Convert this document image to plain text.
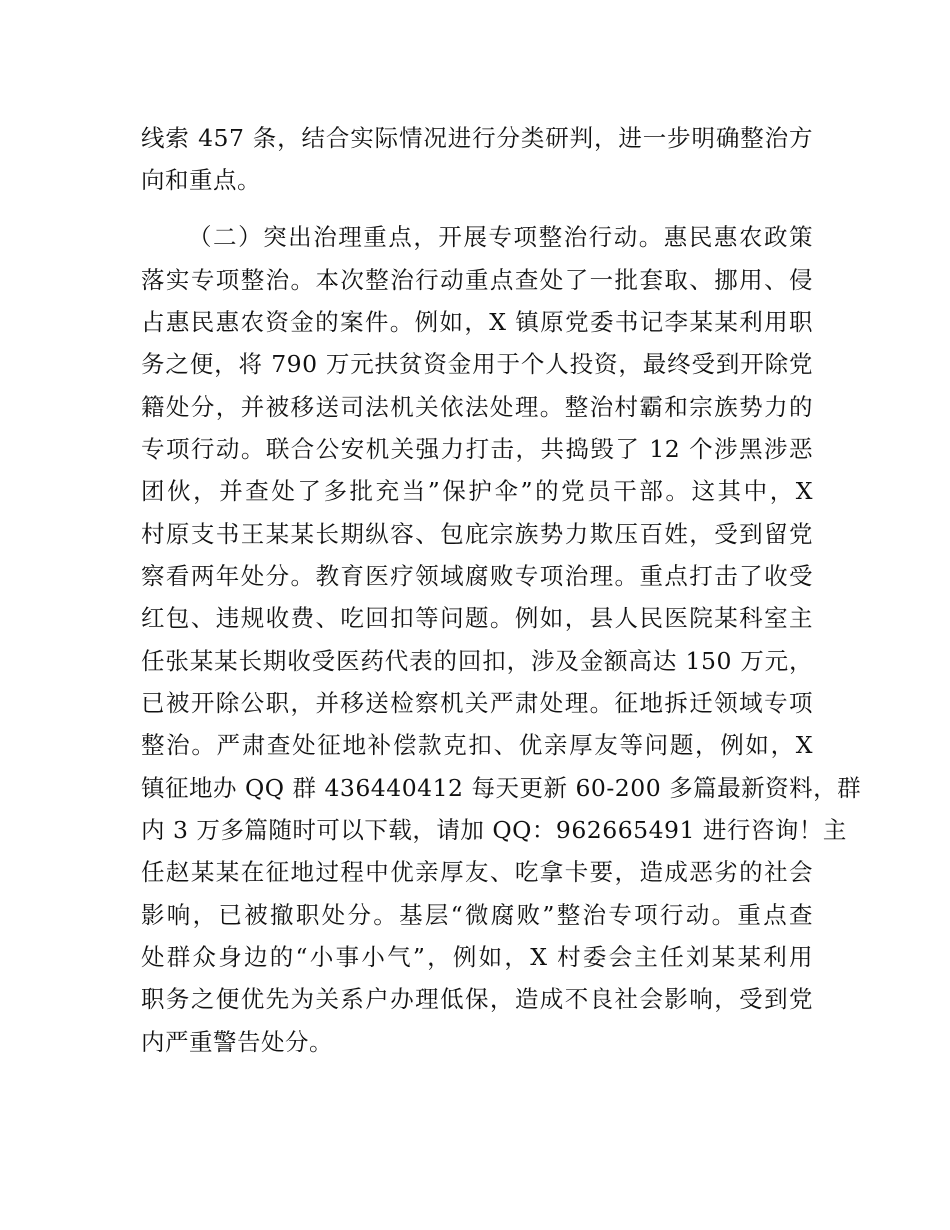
线索 457 条，结合实际情况进行分类研判，进一步明确整治方
向和重点。
（二）突出治理重点，开展专项整治行动。惠民惠农政策
落实专项整治。本次整治行动重点查处了一批套取、挪用、侵
占惠民惠农资金的案件。例如，X 镇原党委书记李某某利用职
务之便，将 790 万元扶贫资金用于个人投资，最终受到开除党
籍处分，并被移送司法机关依法处理。整治村霸和宗族势力的
专项行动。联合公安机关强力打击，共捣毁了 12 个涉黑涉恶
团伙，并查处了多批充当”保护伞”的党员干部。这其中，X
村原支书王某某长期纵容、包庇宗族势力欺压百姓，受到留党
察看两年处分。教育医疗领域腐败专项治理。重点打击了收受
红包、违规收费、吃回扣等问题。例如，县人民医院某科室主
任张某某长期收受医药代表的回扣，涉及金额高达 150 万元，
已被开除公职，并移送检察机关严肃处理。征地拆迁领域专项
整治。严肃查处征地补偿款克扣、优亲厚友等问题，例如，X
镇征地办 QQ 群 436440412 每天更新 60-200 多篇最新资料，群
内 3 万多篇随时可以下载，请加 QQ：962665491 进行咨询！主
任赵某某在征地过程中优亲厚友、吃拿卡要，造成恶劣的社会
影响，已被撤职处分。基层“微腐败”整治专项行动。重点查
处群众身边的“小事小气”，例如，X 村委会主任刘某某利用
职务之便优先为关系户办理低保，造成不良社会影响，受到党
内严重警告处分。
